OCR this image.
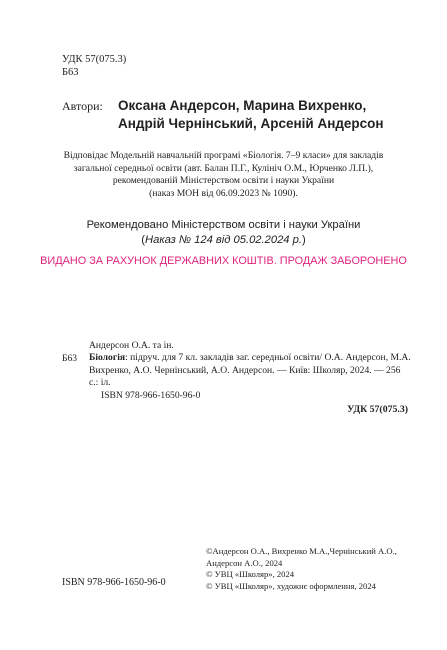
УДК 57(075.3)
Б63
Автори: Оксана Андерсон, Марина Вихренко,
Андрій Чернінський, Арсеній Андерсон
Відповідає Модельній навчальній програмі «Біологія. 7–9 класи» для закладів
загальної середньої освіти (авт. Балан П.Г., Кулініч О.М., Юрченко Л.П.),
рекомендованій Міністерством освіти і науки України
(наказ МОН від 06.09.2023 № 1090).
Рекомендовано Міністерством освіти і науки України
(Наказ № 124 від 05.02.2024 р.)
ВИДАНО ЗА РАХУНОК ДЕРЖАВНИХ КОШТІВ. ПРОДАЖ ЗАБОРОНЕНО
Андерсон О.А. та ін.
Б63 Біологія: підруч. для 7 кл. закладів заг. середньої освіти/ О.А. Андерсон, М.А. Вихренко, А.О. Чернінський, А.О. Андерсон. — Київ: Школяр, 2024. — 256 с.: іл.
ISBN 978-966-1650-96-0
УДК 57(075.3)
ISBN 978-966-1650-96-0
©Андерсон О.А., Вихренко М.А.,Чернінський А.О.,
Андерсон А.О., 2024
© УВЦ «Школяр», 2024
© УВЦ «Школяр», художнє оформлення, 2024
